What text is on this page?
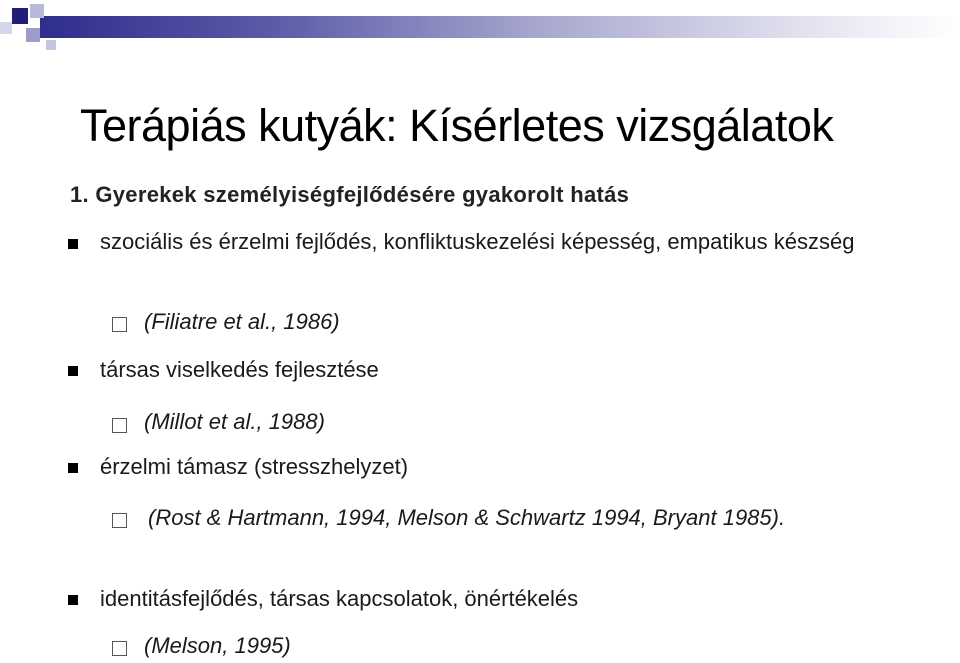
Terápiás kutyák: Kísérletes vizsgálatok
1. Gyerekek személyiségfejlődésére gyakorolt hatás
szociális és érzelmi fejlődés, konfliktuskezelési képesség, empatikus készség
(Filiatre et al., 1986)
társas viselkedés fejlesztése
(Millot et al., 1988)
érzelmi támasz (stresszhelyzet)
(Rost & Hartmann, 1994, Melson & Schwartz 1994, Bryant 1985).
identitásfejlődés, társas kapcsolatok, önértékelés
(Melson, 1995)
